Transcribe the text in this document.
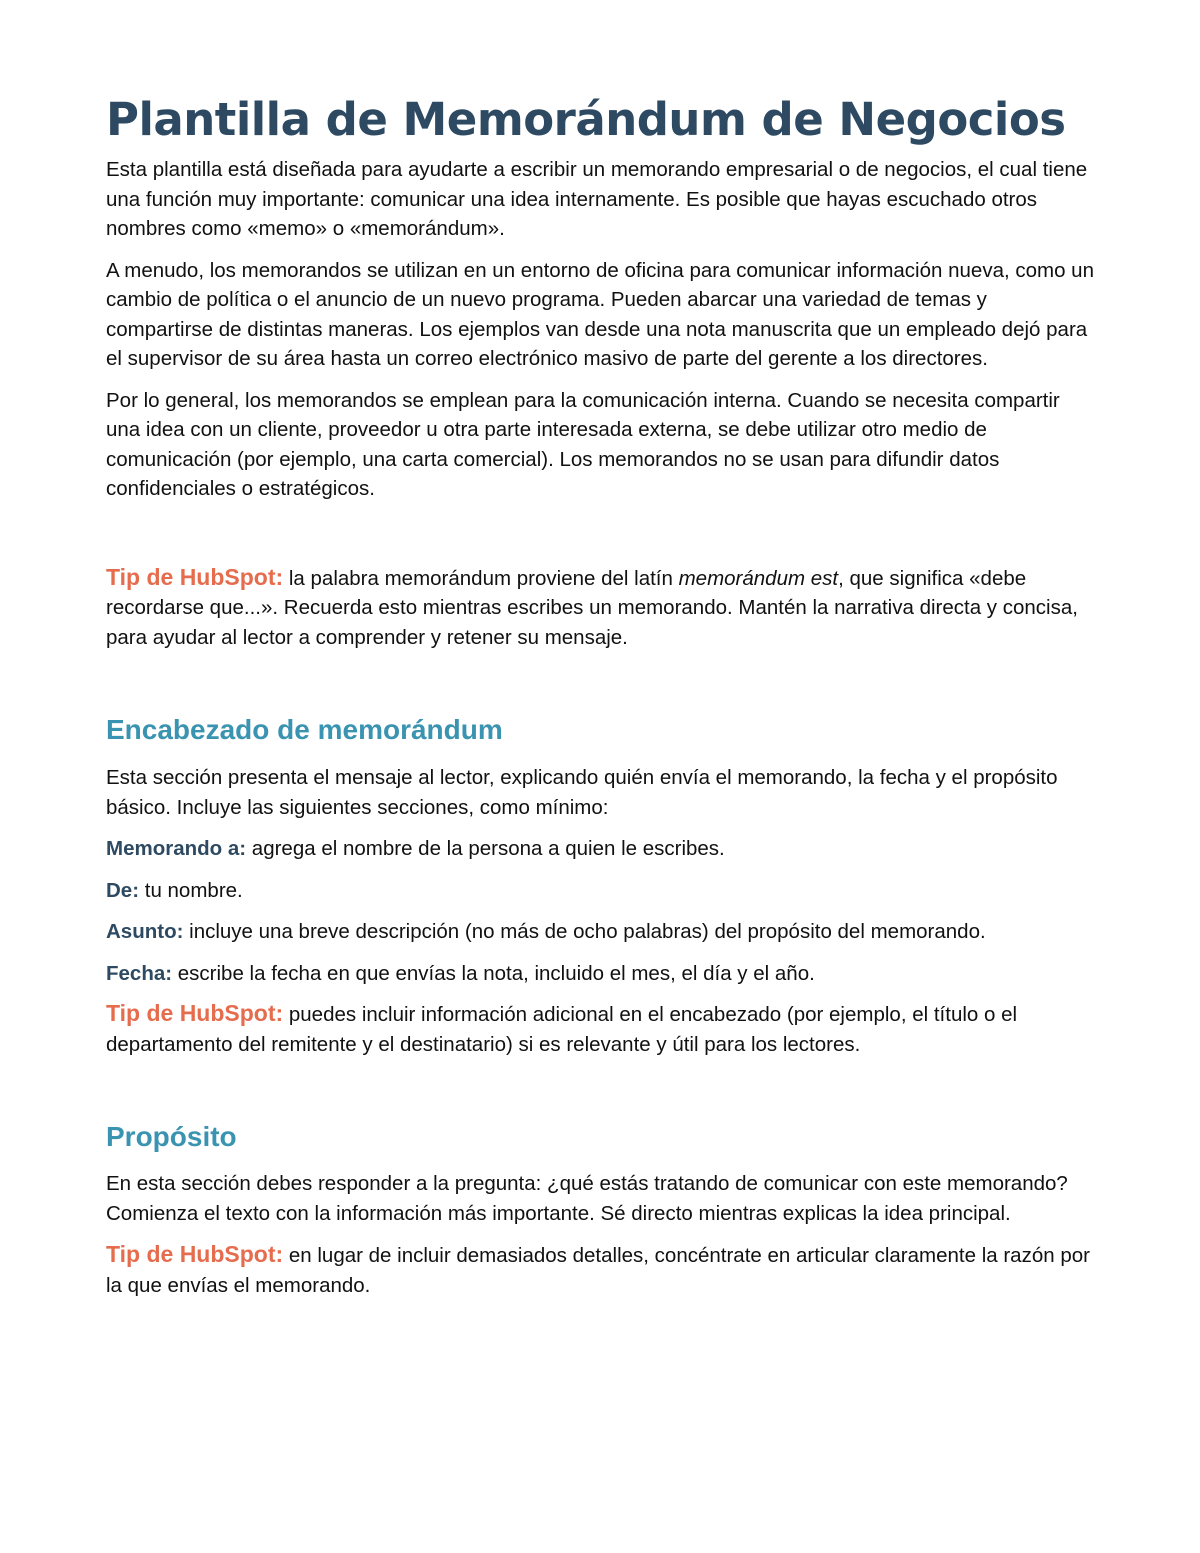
Plantilla de Memorándum de Negocios

Esta plantilla está diseñada para ayudarte a escribir un memorando empresarial o de negocios, el cual tiene una función muy importante: comunicar una idea internamente. Es posible que hayas escuchado otros nombres como «memo» o «memorándum».

A menudo, los memorandos se utilizan en un entorno de oficina para comunicar información nueva, como un cambio de política o el anuncio de un nuevo programa. Pueden abarcar una variedad de temas y compartirse de distintas maneras. Los ejemplos van desde una nota manuscrita que un empleado dejó para el supervisor de su área hasta un correo electrónico masivo de parte del gerente a los directores.

Por lo general, los memorandos se emplean para la comunicación interna. Cuando se necesita compartir una idea con un cliente, proveedor u otra parte interesada externa, se debe utilizar otro medio de comunicación (por ejemplo, una carta comercial). Los memorandos no se usan para difundir datos confidenciales o estratégicos.

Tip de HubSpot: la palabra memorándum proviene del latín memorándum est, que significa «debe recordarse que...». Recuerda esto mientras escribes un memorando. Mantén la narrativa directa y concisa, para ayudar al lector a comprender y retener su mensaje.

Encabezado de memorándum

Esta sección presenta el mensaje al lector, explicando quién envía el memorando, la fecha y el propósito básico. Incluye las siguientes secciones, como mínimo:

Memorando a: agrega el nombre de la persona a quien le escribes.

De: tu nombre.

Asunto: incluye una breve descripción (no más de ocho palabras) del propósito del memorando.

Fecha: escribe la fecha en que envías la nota, incluido el mes, el día y el año.

Tip de HubSpot: puedes incluir información adicional en el encabezado (por ejemplo, el título o el departamento del remitente y el destinatario) si es relevante y útil para los lectores.

Propósito

En esta sección debes responder a la pregunta: ¿qué estás tratando de comunicar con este memorando? Comienza el texto con la información más importante. Sé directo mientras explicas la idea principal.

Tip de HubSpot: en lugar de incluir demasiados detalles, concéntrate en articular claramente la razón por la que envías el memorando.
